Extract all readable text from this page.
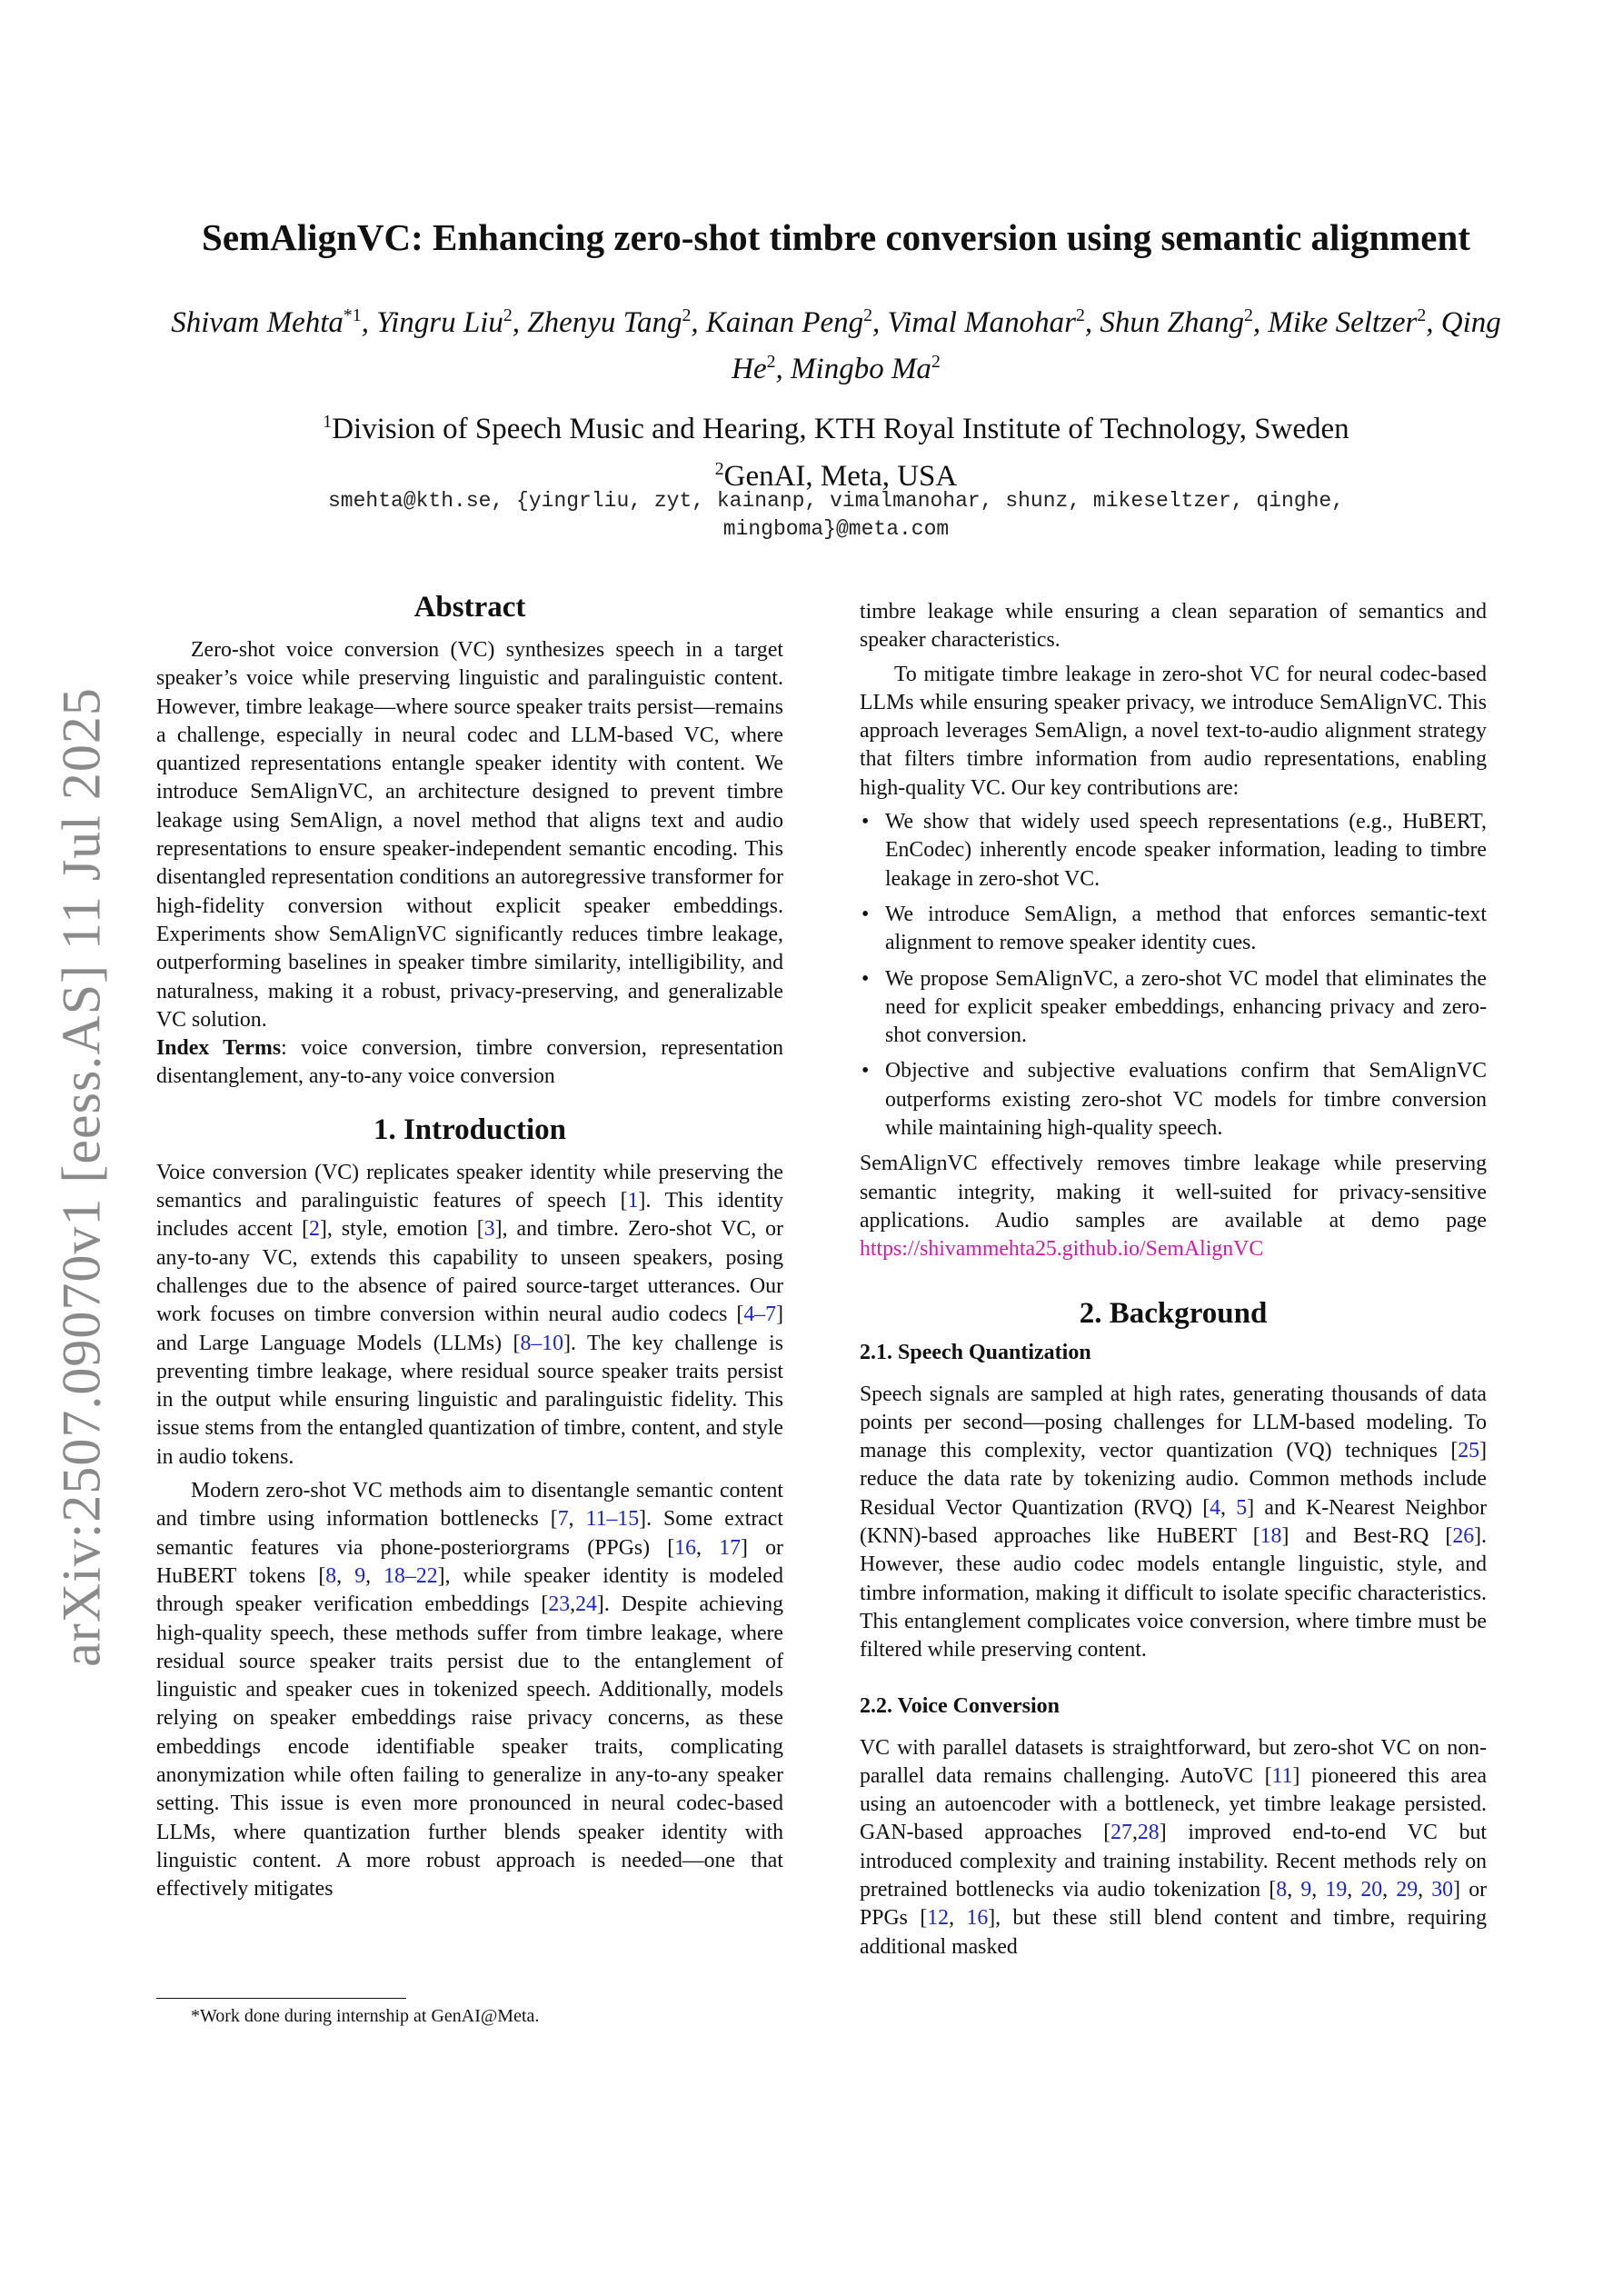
arXiv:2507.09070v1 [eess.AS] 11 Jul 2025
SemAlignVC: Enhancing zero-shot timbre conversion using semantic alignment
Shivam Mehta$^{*1}$, Yingru Liu$^2$, Zhenyu Tang$^2$, Kainan Peng$^2$, Vimal Manohar$^2$, Shun Zhang$^2$, Mike Seltzer$^2$, Qing He$^2$, Mingbo Ma$^2$
$^1$Division of Speech Music and Hearing, KTH Royal Institute of Technology, Sweden
$^2$GenAI, Meta, USA
smehta@kth.se, {yingrliu, zyt, kainanp, vimalmanohar, shunz, mikeseltzer, qinghe,
mingboma}@meta.com
Abstract

Zero-shot voice conversion (VC) synthesizes speech in a target speaker’s voice while preserving linguistic and paralinguistic content. However, timbre leakage—where source speaker traits persist—remains a challenge, especially in neural codec and LLM-based VC, where quantized representations entangle speaker identity with content. We introduce SemAlignVC, an architecture designed to prevent timbre leakage using SemAlign, a novel method that aligns text and audio representations to ensure speaker-independent semantic encoding. This disentangled representation conditions an autoregressive transformer for high-fidelity conversion without explicit speaker embeddings. Experiments show SemAlignVC significantly reduces timbre leakage, outperforming baselines in speaker timbre similarity, intelligibility, and naturalness, making it a robust, privacy-preserving, and generalizable VC solution.

Index Terms: voice conversion, timbre conversion, representation disentanglement, any-to-any voice conversion

1. Introduction

Voice conversion (VC) replicates speaker identity while preserving the semantics and paralinguistic features of speech [1]. This identity includes accent [2], style, emotion [3], and timbre. Zero-shot VC, or any-to-any VC, extends this capability to unseen speakers, posing challenges due to the absence of paired source-target utterances. Our work focuses on timbre conversion within neural audio codecs [4–7] and Large Language Models (LLMs) [8–10]. The key challenge is preventing timbre leakage, where residual source speaker traits persist in the output while ensuring linguistic and paralinguistic fidelity. This issue stems from the entangled quantization of timbre, content, and style in audio tokens.

Modern zero-shot VC methods aim to disentangle semantic content and timbre using information bottlenecks [7, 11–15]. Some extract semantic features via phone-posteriorgrams (PPGs) [16, 17] or HuBERT tokens [8, 9, 18–22], while speaker identity is modeled through speaker verification embeddings [23,24]. Despite achieving high-quality speech, these methods suffer from timbre leakage, where residual source speaker traits persist due to the entanglement of linguistic and speaker cues in tokenized speech. Additionally, models relying on speaker embeddings raise privacy concerns, as these embeddings encode identifiable speaker traits, complicating anonymization while often failing to generalize in any-to-any speaker setting. This issue is even more pronounced in neural codec-based LLMs, where quantization further blends speaker identity with linguistic content. A more robust approach is needed—one that effectively mitigates

timbre leakage while ensuring a clean separation of semantics and speaker characteristics.

To mitigate timbre leakage in zero-shot VC for neural codec-based LLMs while ensuring speaker privacy, we introduce SemAlignVC. This approach leverages SemAlign, a novel text-to-audio alignment strategy that filters timbre information from audio representations, enabling high-quality VC. Our key contributions are:

• We show that widely used speech representations (e.g., HuBERT, EnCodec) inherently encode speaker information, leading to timbre leakage in zero-shot VC.
• We introduce SemAlign, a method that enforces semantic-text alignment to remove speaker identity cues.
• We propose SemAlignVC, a zero-shot VC model that eliminates the need for explicit speaker embeddings, enhancing privacy and zero-shot conversion.
• Objective and subjective evaluations confirm that SemAlignVC outperforms existing zero-shot VC models for timbre conversion while maintaining high-quality speech.

SemAlignVC effectively removes timbre leakage while preserving semantic integrity, making it well-suited for privacy-sensitive applications. Audio samples are available at demo page https://shivammehta25.github.io/SemAlignVC

2. Background
2.1. Speech Quantization

Speech signals are sampled at high rates, generating thousands of data points per second—posing challenges for LLM-based modeling. To manage this complexity, vector quantization (VQ) techniques [25] reduce the data rate by tokenizing audio. Common methods include Residual Vector Quantization (RVQ) [4, 5] and K-Nearest Neighbor (KNN)-based approaches like HuBERT [18] and Best-RQ [26]. However, these audio codec models entangle linguistic, style, and timbre information, making it difficult to isolate specific characteristics. This entanglement complicates voice conversion, where timbre must be filtered while preserving content.

2.2. Voice Conversion

VC with parallel datasets is straightforward, but zero-shot VC on non-parallel data remains challenging. AutoVC [11] pioneered this area using an autoencoder with a bottleneck, yet timbre leakage persisted. GAN-based approaches [27,28] improved end-to-end VC but introduced complexity and training instability. Recent methods rely on pretrained bottlenecks via audio tokenization [8, 9, 19, 20, 29, 30] or PPGs [12, 16], but these still blend content and timbre, requiring additional masked

*Work done during internship at GenAI@Meta.
